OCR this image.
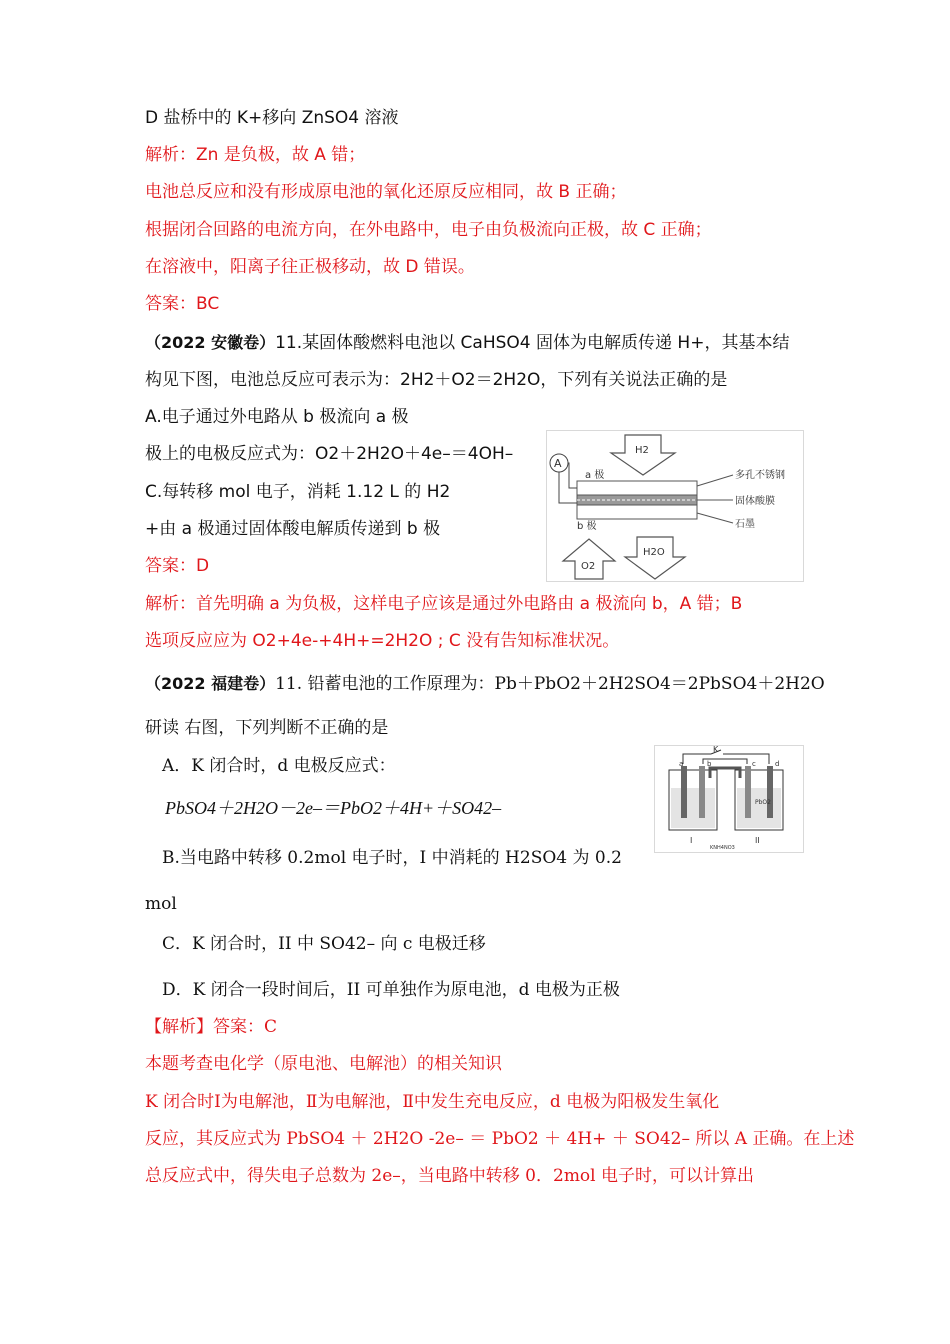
D 盐桥中的 K+移向 ZnSO4 溶液
解析：Zn 是负极，故 A 错；
电池总反应和没有形成原电池的氧化还原反应相同，故 B 正确；
根据闭合回路的电流方向，在外电路中，电子由负极流向正极，故 C 正确；
在溶液中，阳离子往正极移动，故 D 错误。
答案：BC
（2022 安徽卷）11.某固体酸燃料电池以 CaHSO4 固体为电解质传递 H+，其基本结
构见下图，电池总反应可表示为：2H2＋O2＝2H2O，下列有关说法正确的是
A.电子通过外电路从 b 极流向 a 极
极上的电极反应式为：O2＋2H2O＋4e–＝4OH–
C.每转移 mol 电子，消耗 1.12 L 的 H2
+由 a 极通过固体酸电解质传递到 b 极
答案：D
解析：首先明确 a 为负极，这样电子应该是通过外电路由 a 极流向 b，A 错；B
选项反应应为 O2+4e-+4H+=2H2O ; C 没有告知标准状况。
H2
a 极
b 极
A
O2
H2O
多孔不锈钢
固体酸膜
石墨
（2022 福建卷）11. 铅蓄电池的工作原理为：Pb＋PbO2＋2H2SO4＝2PbSO4＋2H2O
研读 右图，下列判断不正确的是
A．K 闭合时，d 电极反应式：
PbSO4＋2H2O－2e–＝PbO2＋4H+＋SO42–
B.当电路中转移 0.2mol 电子时，I 中消耗的 H2SO4 为 0.2
mol
C．K 闭合时，II 中 SO42– 向 c 电极迁移
D．K 闭合一段时间后，II 可单独作为原电池，d 电极为正极
【解析】答案：C
本题考查电化学（原电池、电解池）的相关知识
K 闭合时Ⅰ为电解池，Ⅱ为电解池，Ⅱ中发生充电反应，d 电极为阳极发生氧化
反应，其反应式为 PbSO4 ＋ 2H2O -2e– ＝ PbO2 ＋ 4H+ ＋ SO42– 所以 A 正确。在上述
总反应式中，得失电子总数为 2e–，当电路中转移 0．2mol 电子时，可以计算出
K
a	b	c	d
PbO2
I	II
KNH4NO3
